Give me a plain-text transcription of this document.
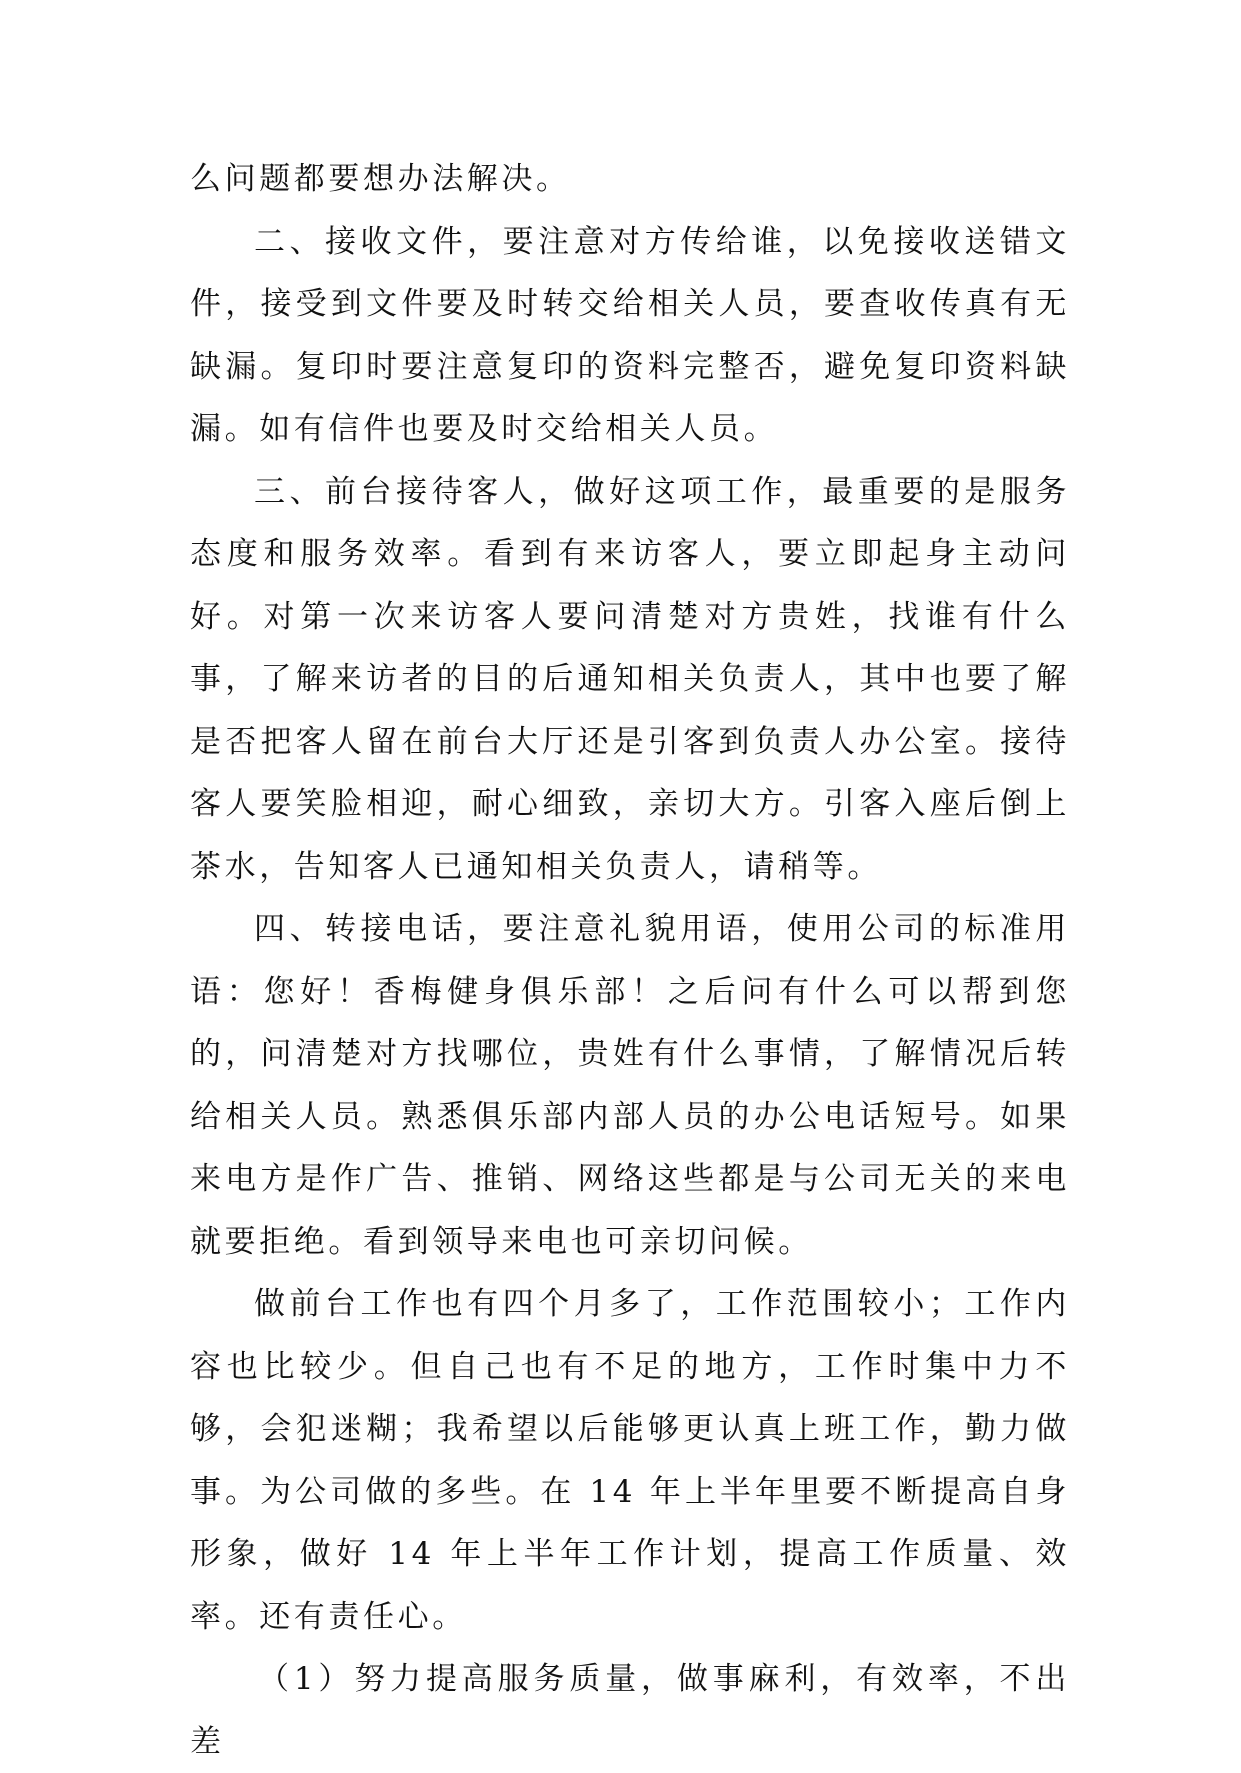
么问题都要想办法解决。

二、接收文件，要注意对方传给谁，以免接收送错文件，接受到文件要及时转交给相关人员，要查收传真有无缺漏。复印时要注意复印的资料完整否，避免复印资料缺漏。如有信件也要及时交给相关人员。

三、前台接待客人，做好这项工作，最重要的是服务态度和服务效率。看到有来访客人，要立即起身主动问好。对第一次来访客人要问清楚对方贵姓，找谁有什么事，了解来访者的目的后通知相关负责人，其中也要了解是否把客人留在前台大厅还是引客到负责人办公室。接待客人要笑脸相迎，耐心细致，亲切大方。引客入座后倒上茶水，告知客人已通知相关负责人，请稍等。

四、转接电话，要注意礼貌用语，使用公司的标准用语：您好！香梅健身俱乐部！之后问有什么可以帮到您的，问清楚对方找哪位，贵姓有什么事情，了解情况后转给相关人员。熟悉俱乐部内部人员的办公电话短号。如果来电方是作广告、推销、网络这些都是与公司无关的来电就要拒绝。看到领导来电也可亲切问候。

做前台工作也有四个月多了，工作范围较小；工作内容也比较少。但自己也有不足的地方，工作时集中力不够，会犯迷糊；我希望以后能够更认真上班工作，勤力做事。为公司做的多些。在 14 年上半年里要不断提高自身形象，做好 14 年上半年工作计划，提高工作质量、效率。还有责任心。

（1）努力提高服务质量，做事麻利，有效率，不出差
